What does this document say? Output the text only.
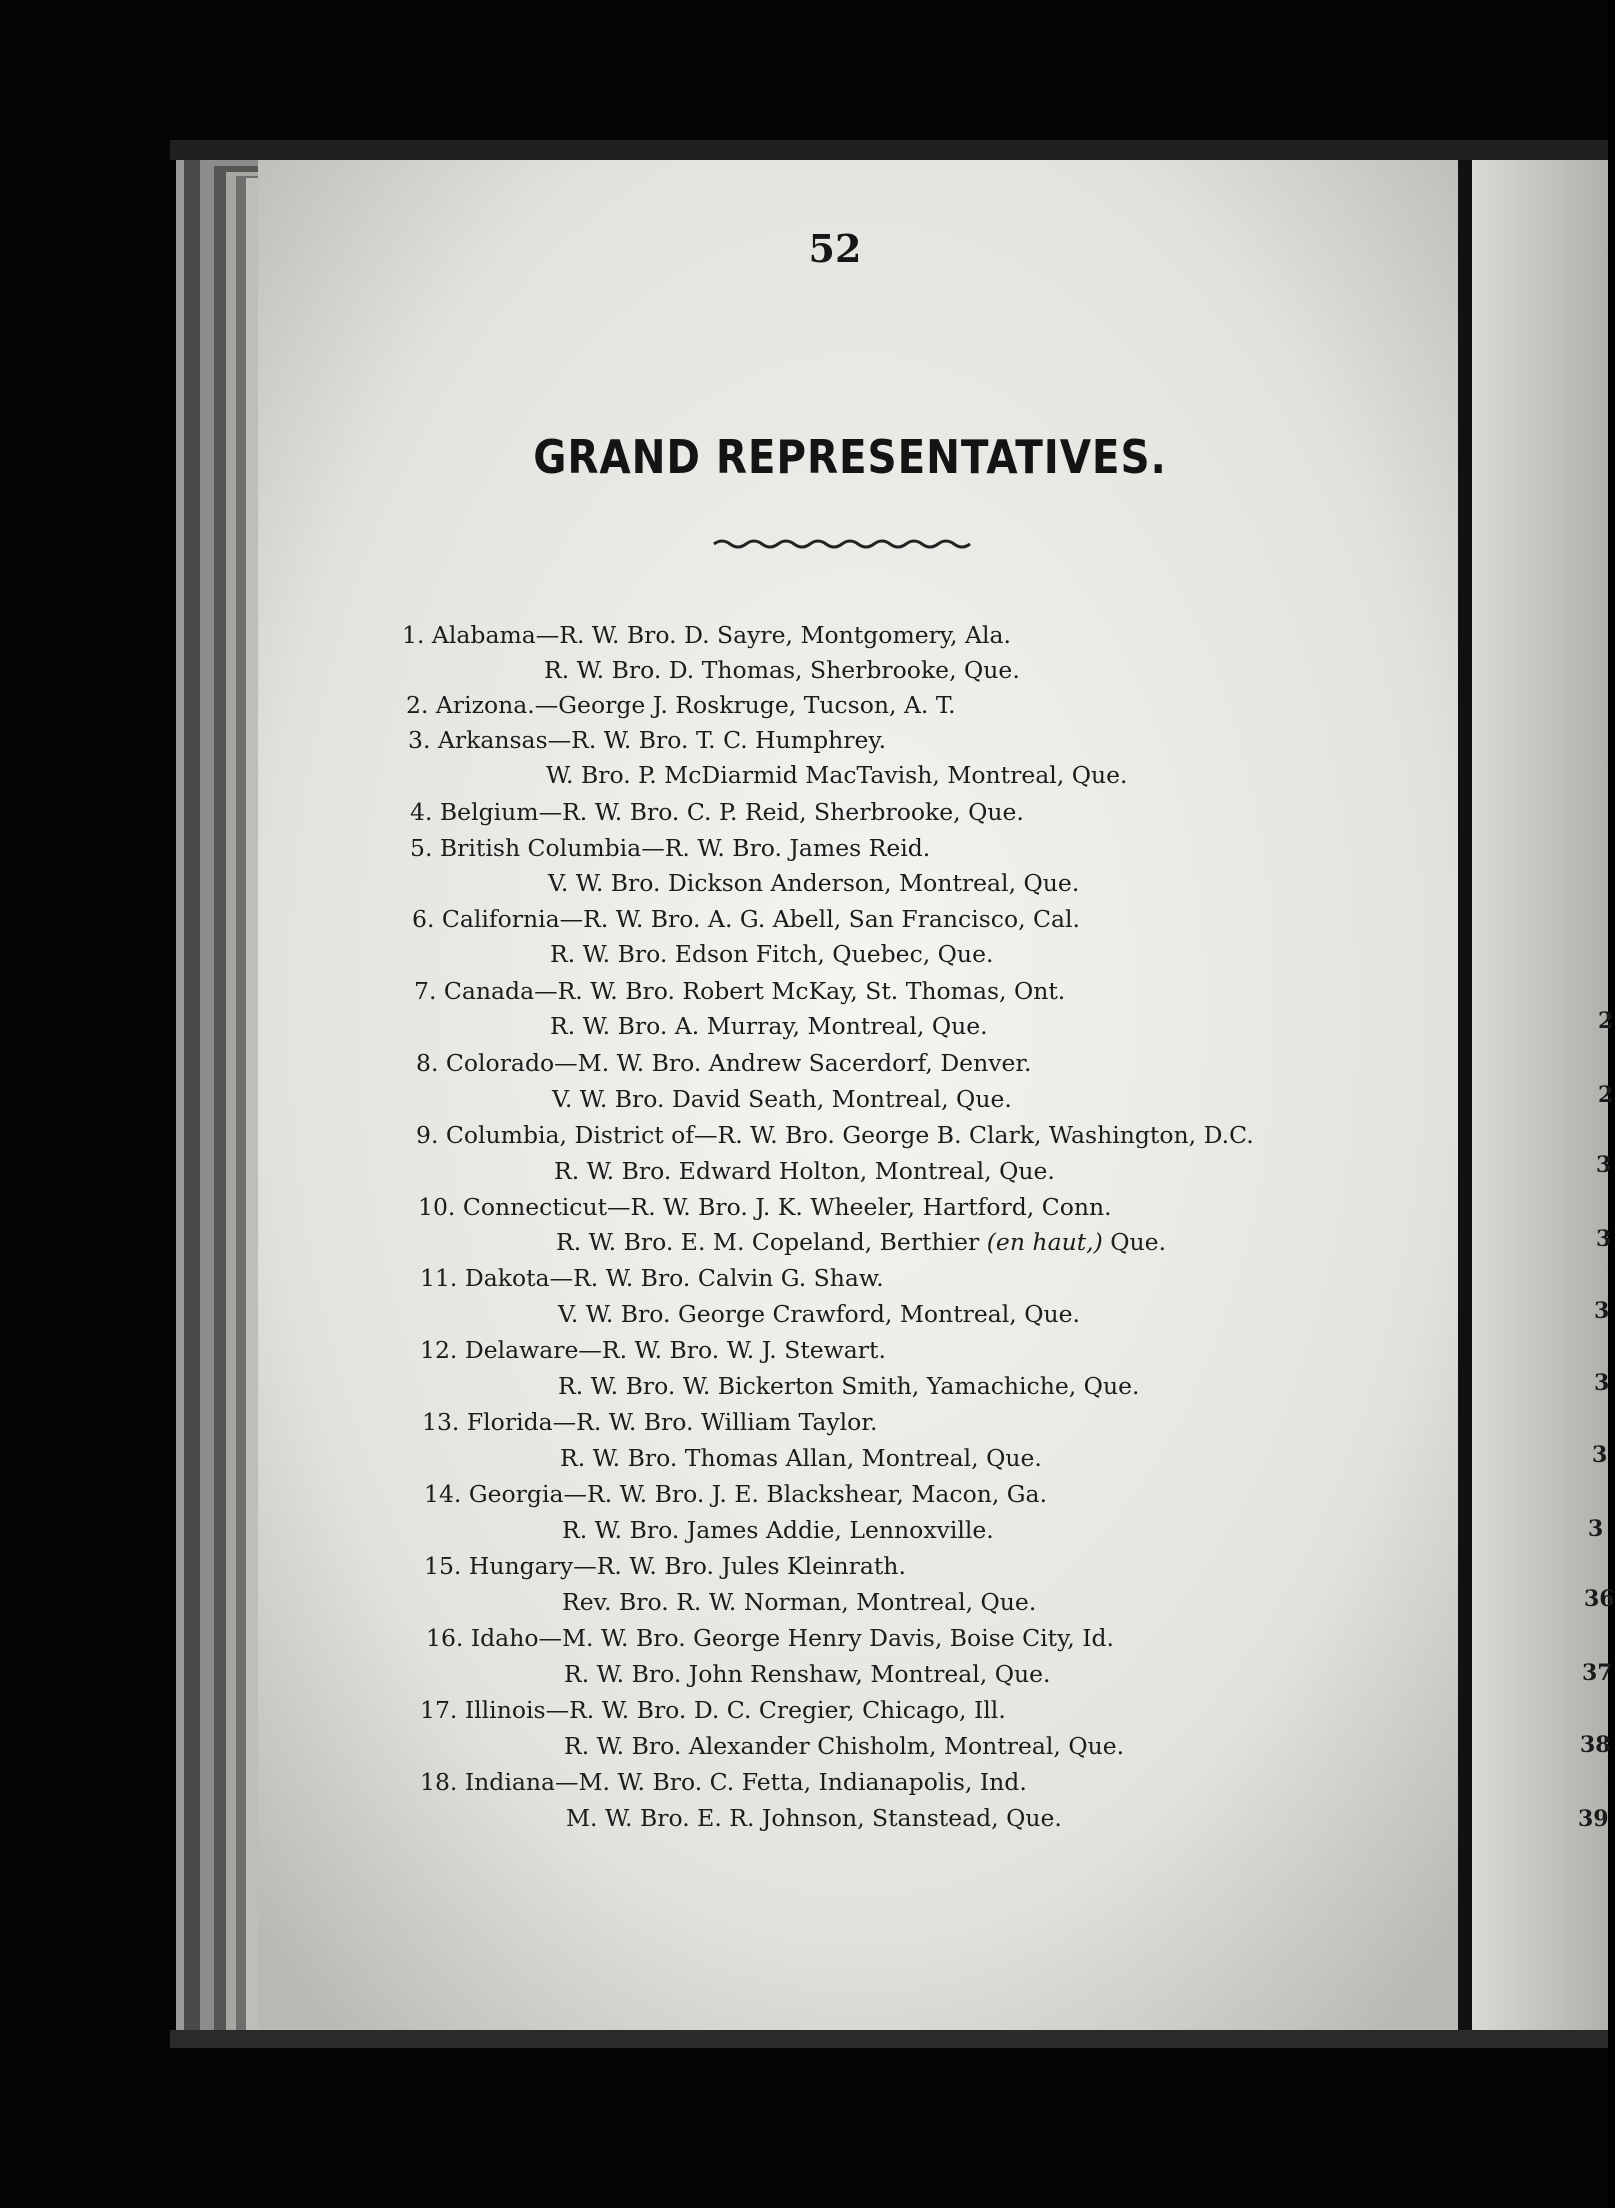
52
GRAND REPRESENTATIVES.
1. Alabama—R. W. Bro. D. Sayre, Montgomery, Ala.
R. W. Bro. D. Thomas, Sherbrooke, Que.
2. Arizona.—George J. Roskruge, Tucson, A. T.
3. Arkansas—R. W. Bro. T. C. Humphrey.
W. Bro. P. McDiarmid MacTavish, Montreal, Que.
4. Belgium—R. W. Bro. C. P. Reid, Sherbrooke, Que.
5. British Columbia—R. W. Bro. James Reid.
V. W. Bro. Dickson Anderson, Montreal, Que.
6. California—R. W. Bro. A. G. Abell, San Francisco, Cal.
R. W. Bro. Edson Fitch, Quebec, Que.
7. Canada—R. W. Bro. Robert McKay, St. Thomas, Ont.
R. W. Bro. A. Murray, Montreal, Que.
8. Colorado—M. W. Bro. Andrew Sacerdorf, Denver.
V. W. Bro. David Seath, Montreal, Que.
9. Columbia, District of—R. W. Bro. George B. Clark, Washington, D.C.
R. W. Bro. Edward Holton, Montreal, Que.
10. Connecticut—R. W. Bro. J. K. Wheeler, Hartford, Conn.
R. W. Bro. E. M. Copeland, Berthier (en haut,) Que.
11. Dakota—R. W. Bro. Calvin G. Shaw.
V. W. Bro. George Crawford, Montreal, Que.
12. Delaware—R. W. Bro. W. J. Stewart.
R. W. Bro. W. Bickerton Smith, Yamachiche, Que.
13. Florida—R. W. Bro. William Taylor.
R. W. Bro. Thomas Allan, Montreal, Que.
14. Georgia—R. W. Bro. J. E. Blackshear, Macon, Ga.
R. W. Bro. James Addie, Lennoxville.
15. Hungary—R. W. Bro. Jules Kleinrath.
Rev. Bro. R. W. Norman, Montreal, Que.
16. Idaho—M. W. Bro. George Henry Davis, Boise City, Id.
R. W. Bro. John Renshaw, Montreal, Que.
17. Illinois—R. W. Bro. D. C. Cregier, Chicago, Ill.
R. W. Bro. Alexander Chisholm, Montreal, Que.
18. Indiana—M. W. Bro. C. Fetta, Indianapolis, Ind.
M. W. Bro. E. R. Johnson, Stanstead, Que.
2
2
3
3
3
3
3
3
36
37
38
39
